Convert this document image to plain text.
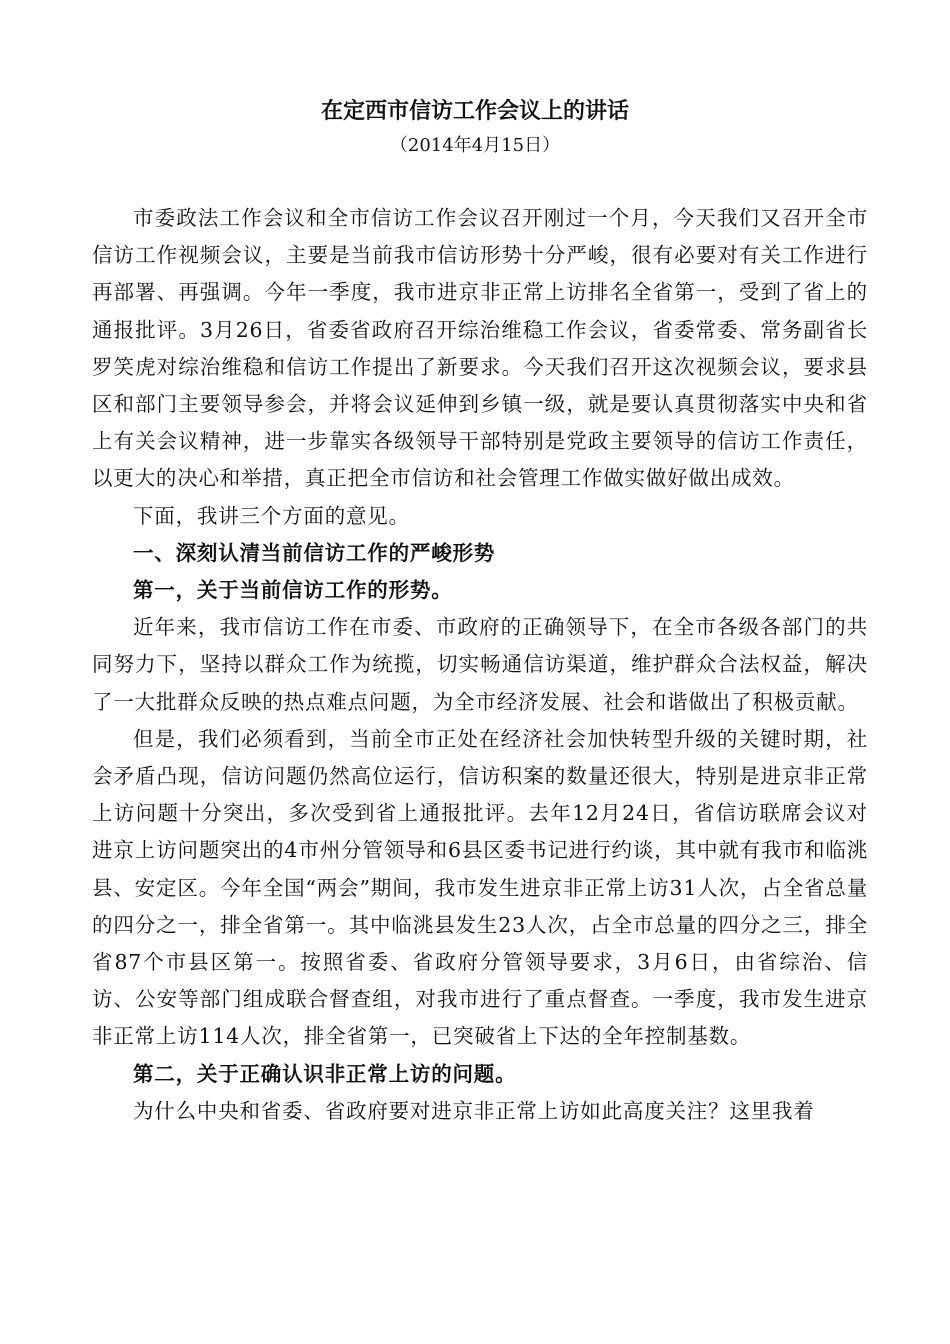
在定西市信访工作会议上的讲话
（2014年4月15日）

市委政法工作会议和全市信访工作会议召开刚过一个月，今天我们又召开全市信访工作视频会议，主要是当前我市信访形势十分严峻，很有必要对有关工作进行再部署、再强调。今年一季度，我市进京非正常上访排名全省第一，受到了省上的通报批评。3月26日，省委省政府召开综治维稳工作会议，省委常委、常务副省长罗笑虎对综治维稳和信访工作提出了新要求。今天我们召开这次视频会议，要求县区和部门主要领导参会，并将会议延伸到乡镇一级，就是要认真贯彻落实中央和省上有关会议精神，进一步靠实各级领导干部特别是党政主要领导的信访工作责任，以更大的决心和举措，真正把全市信访和社会管理工作做实做好做出成效。

下面，我讲三个方面的意见。

一、深刻认清当前信访工作的严峻形势

第一，关于当前信访工作的形势。

近年来，我市信访工作在市委、市政府的正确领导下，在全市各级各部门的共同努力下，坚持以群众工作为统揽，切实畅通信访渠道，维护群众合法权益，解决了一大批群众反映的热点难点问题，为全市经济发展、社会和谐做出了积极贡献。

但是，我们必须看到，当前全市正处在经济社会加快转型升级的关键时期，社会矛盾凸现，信访问题仍然高位运行，信访积案的数量还很大，特别是进京非正常上访问题十分突出，多次受到省上通报批评。去年12月24日，省信访联席会议对进京上访问题突出的4市州分管领导和6县区委书记进行约谈，其中就有我市和临洮县、安定区。今年全国“两会”期间，我市发生进京非正常上访31人次，占全省总量的四分之一，排全省第一。其中临洮县发生23人次，占全市总量的四分之三，排全省87个市县区第一。按照省委、省政府分管领导要求，3月6日，由省综治、信访、公安等部门组成联合督查组，对我市进行了重点督查。一季度，我市发生进京非正常上访114人次，排全省第一，已突破省上下达的全年控制基数。

第二，关于正确认识非正常上访的问题。

为什么中央和省委、省政府要对进京非正常上访如此高度关注？这里我着
